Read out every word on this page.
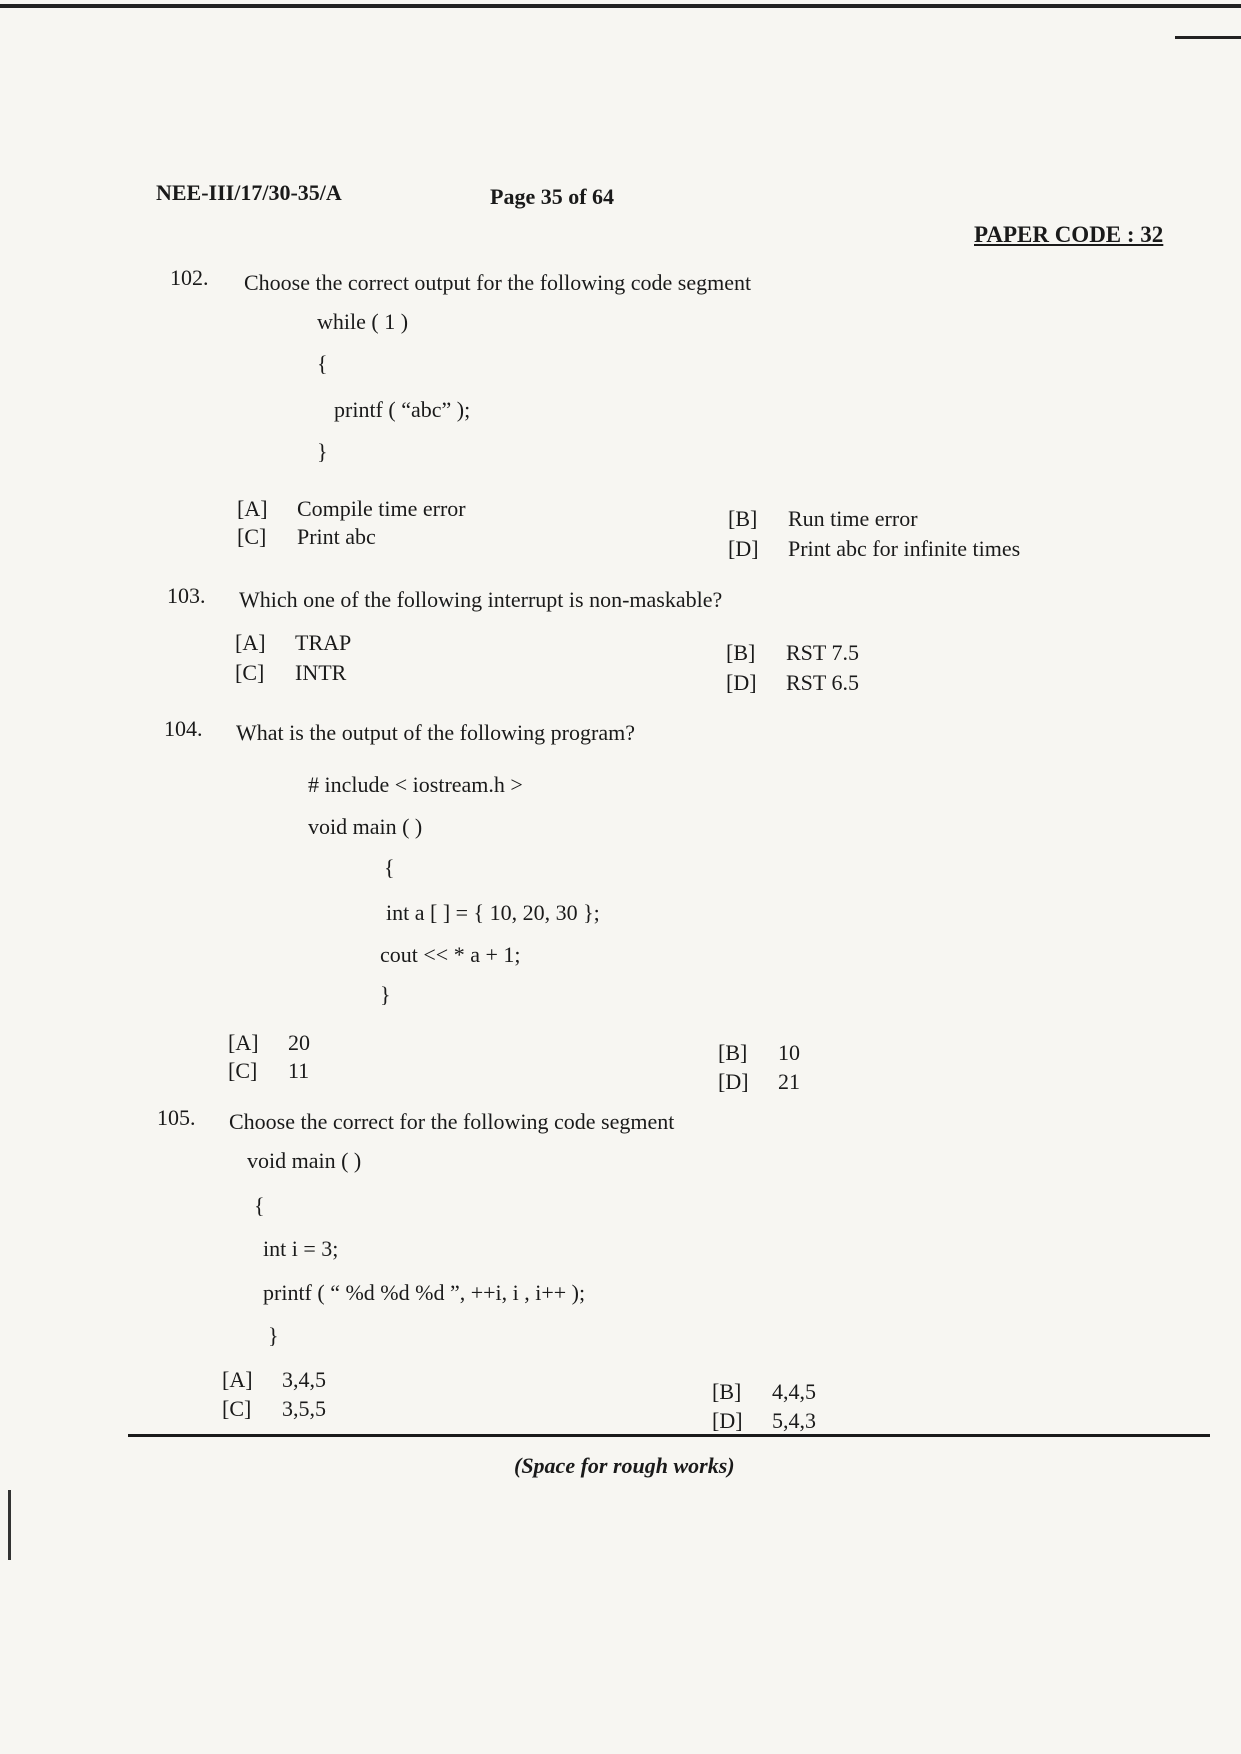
NEE-III/17/30-35/A	Page 35 of 64
PAPER CODE : 32
102. Choose the correct output for the following code segment
while ( 1 )
{
printf ( “abc” );
}
[A] Compile time error
[C] Print abc
[B] Run time error
[D] Print abc for infinite times
103. Which one of the following interrupt is non-maskable?
[A] TRAP
[C] INTR
[B] RST 7.5
[D] RST 6.5
104. What is the output of the following program?
# include < iostream.h >
void main ( )
{
int a [ ] = { 10, 20, 30 };
cout << * a + 1;
}
[A] 20
[C] 11
[B] 10
[D] 21
105. Choose the correct for the following code segment
void main ( )
{
int i = 3;
printf ( “ %d %d %d ”, ++i, i , i++ );
}
[A] 3,4,5
[C] 3,5,5
[B] 4,4,5
[D] 5,4,3
(Space for rough works)
